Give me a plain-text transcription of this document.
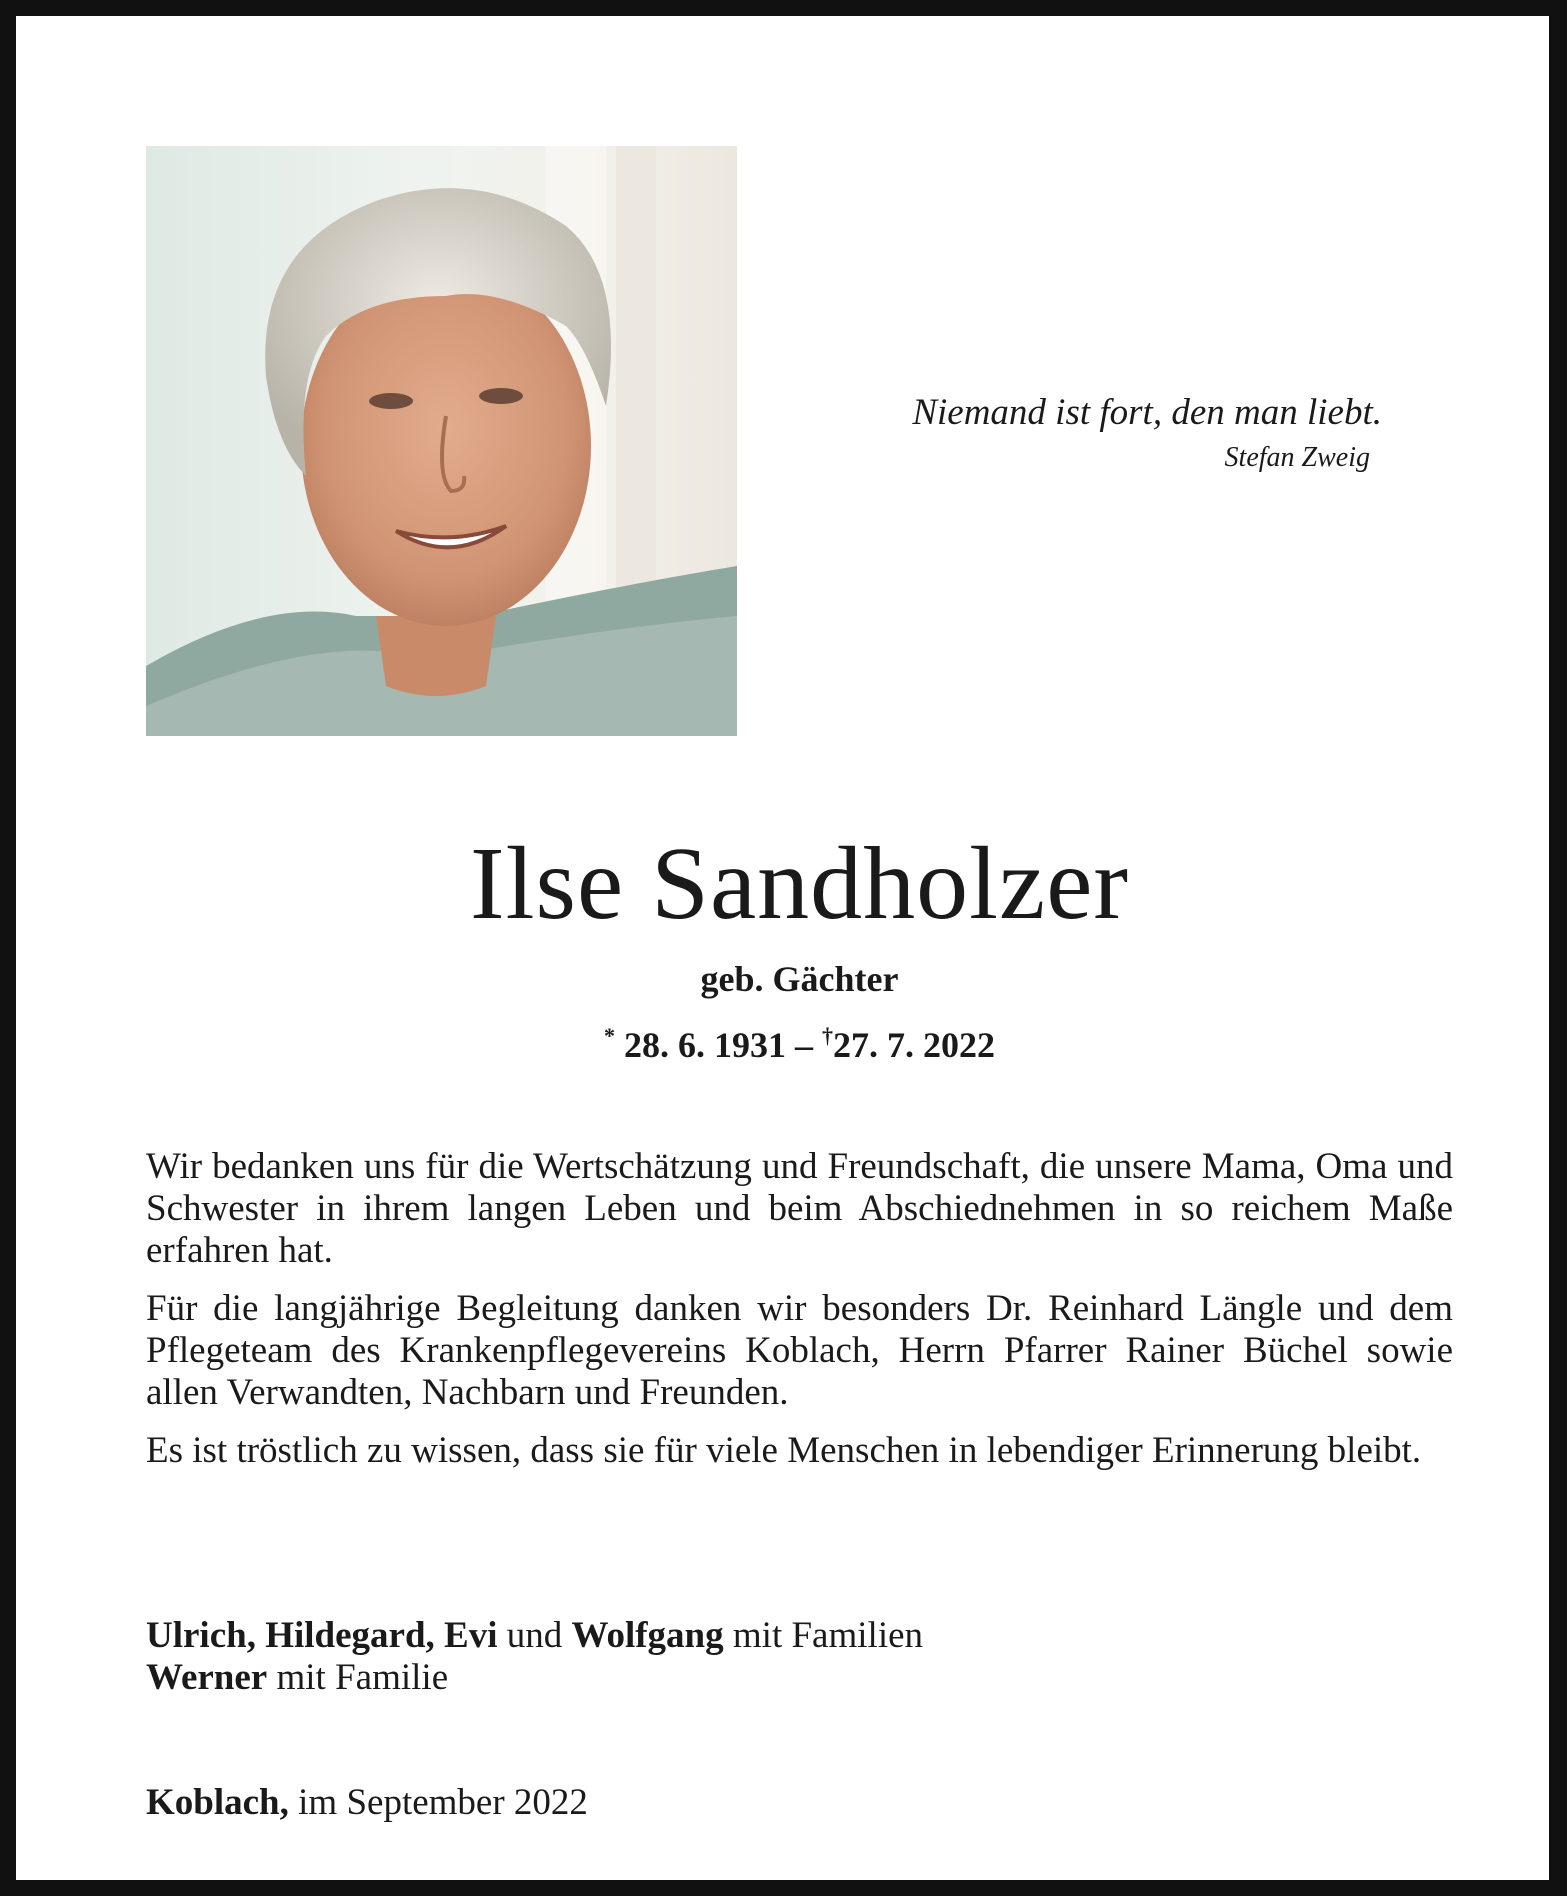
Niemand ist fort, den man liebt.
Stefan Zweig
Ilse Sandholzer
geb. Gächter
* 28. 6. 1931 – †27. 7. 2022

Wir bedanken uns für die Wertschätzung und Freundschaft, die unsere Mama, Oma und Schwester in ihrem langen Leben und beim Abschiednehmen in so reichem Maße erfahren hat.

Für die langjährige Begleitung danken wir besonders Dr. Reinhard Längle und dem Pflegeteam des Krankenpflegevereins Koblach, Herrn Pfarrer Rainer Büchel sowie allen Verwandten, Nachbarn und Freunden.

Es ist tröstlich zu wissen, dass sie für viele Menschen in lebendiger Erinnerung bleibt.

Ulrich, Hildegard, Evi und Wolfgang mit Familien
Werner mit Familie
Koblach, im September 2022
